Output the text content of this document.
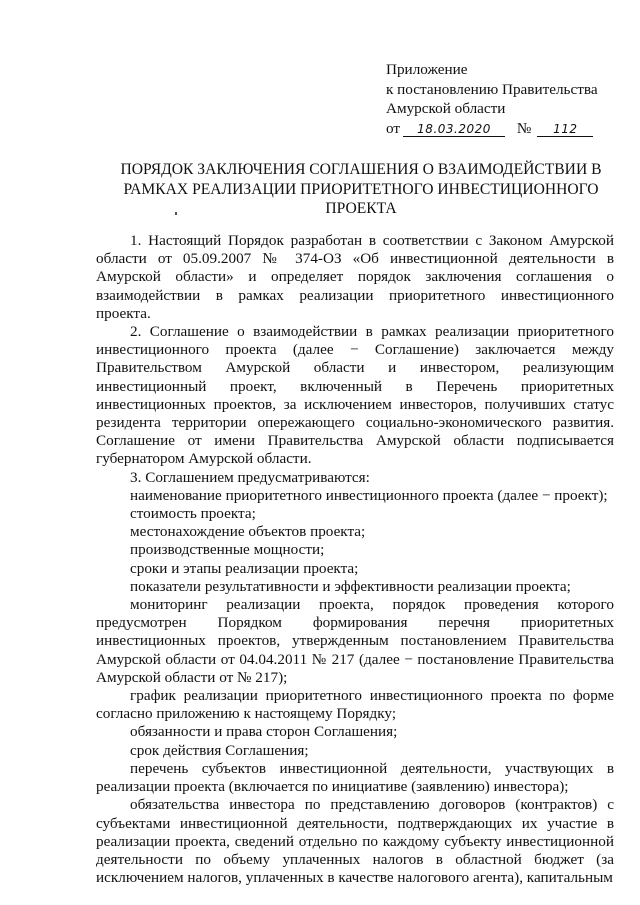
Приложение
к постановлению Правительства
Амурской области
от 18.03.2020 № 112
ПОРЯДОК ЗАКЛЮЧЕНИЯ СОГЛАШЕНИЯ О ВЗАИМОДЕЙСТВИИ В РАМКАХ РЕАЛИЗАЦИИ ПРИОРИТЕТНОГО ИНВЕСТИЦИОННОГО ПРОЕКТА

1. Настоящий Порядок разработан в соответствии с Законом Амурской области от 05.09.2007 № 374-ОЗ «Об инвестиционной деятельности в Амурской области» и определяет порядок заключения соглашения о взаимодействии в рамках реализации приоритетного инвестиционного проекта.

2. Соглашение о взаимодействии в рамках реализации приоритетного инвестиционного проекта (далее − Соглашение) заключается между Правительством Амурской области и инвестором, реализующим инвестиционный проект, включенный в Перечень приоритетных инвестиционных проектов, за исключением инвесторов, получивших статус резидента территории опережающего социально-экономического развития. Соглашение от имени Правительства Амурской области подписывается губернатором Амурской области.

3. Соглашением предусматриваются:

наименование приоритетного инвестиционного проекта (далее − проект);

стоимость проекта;

местонахождение объектов проекта;

производственные мощности;

сроки и этапы реализации проекта;

показатели результативности и эффективности реализации проекта;

мониторинг реализации проекта, порядок проведения которого предусмотрен Порядком формирования перечня приоритетных инвестиционных проектов, утвержденным постановлением Правительства Амурской области от 04.04.2011 № 217 (далее − постановление Правительства Амурской области от № 217);

график реализации приоритетного инвестиционного проекта по форме согласно приложению к настоящему Порядку;

обязанности и права сторон Соглашения;

срок действия Соглашения;

перечень субъектов инвестиционной деятельности, участвующих в реализации проекта (включается по инициативе (заявлению) инвестора);

обязательства инвестора по представлению договоров (контрактов) с субъектами инвестиционной деятельности, подтверждающих их участие в реализации проекта, сведений отдельно по каждому субъекту инвестиционной деятельности по объему уплаченных налогов в областной бюджет (за исключением налогов, уплаченных в качестве налогового агента), капитальным
